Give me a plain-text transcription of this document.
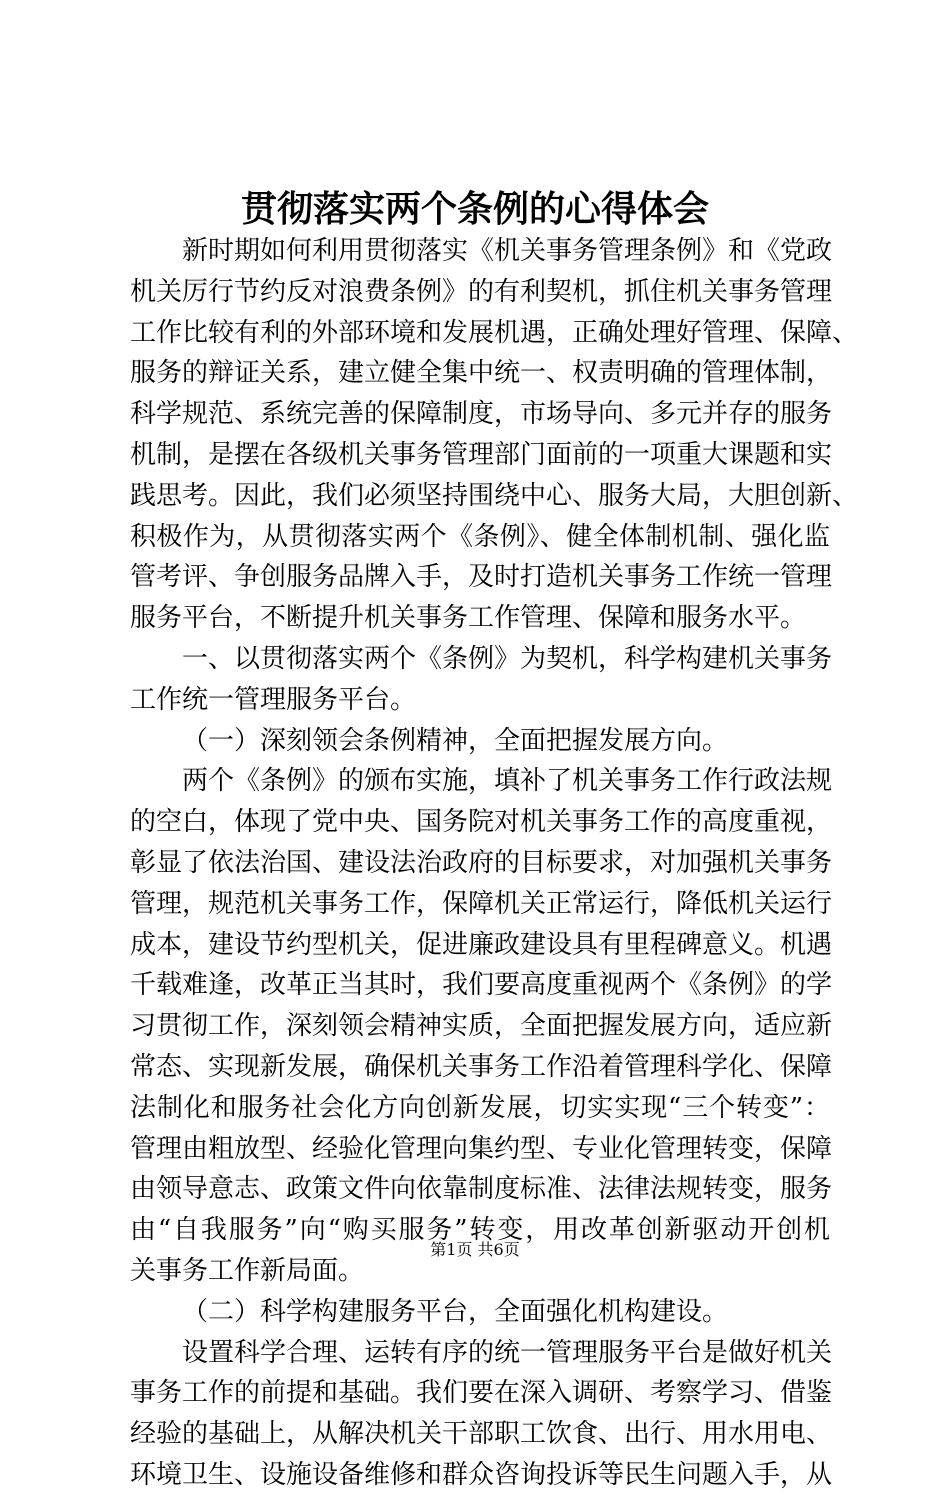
贯彻落实两个条例的心得体会
新时期如何利用贯彻落实《机关事务管理条例》和《党政
机关厉行节约反对浪费条例》的有利契机，抓住机关事务管理
工作比较有利的外部环境和发展机遇，正确处理好管理、保障、
服务的辩证关系，建立健全集中统一、权责明确的管理体制，
科学规范、系统完善的保障制度，市场导向、多元并存的服务
机制，是摆在各级机关事务管理部门面前的一项重大课题和实
践思考。因此，我们必须坚持围绕中心、服务大局，大胆创新、
积极作为，从贯彻落实两个《条例》、健全体制机制、强化监
管考评、争创服务品牌入手，及时打造机关事务工作统一管理
服务平台，不断提升机关事务工作管理、保障和服务水平。
一、以贯彻落实两个《条例》为契机，科学构建机关事务
工作统一管理服务平台。
（一）深刻领会条例精神，全面把握发展方向。
两个《条例》的颁布实施，填补了机关事务工作行政法规
的空白，体现了党中央、国务院对机关事务工作的高度重视，
彰显了依法治国、建设法治政府的目标要求，对加强机关事务
管理，规范机关事务工作，保障机关正常运行，降低机关运行
成本，建设节约型机关，促进廉政建设具有里程碑意义。机遇
千载难逢，改革正当其时，我们要高度重视两个《条例》的学
习贯彻工作，深刻领会精神实质，全面把握发展方向，适应新
常态、实现新发展，确保机关事务工作沿着管理科学化、保障
法制化和服务社会化方向创新发展，切实实现“三个转变”：
管理由粗放型、经验化管理向集约型、专业化管理转变，保障
由领导意志、政策文件向依靠制度标准、法律法规转变，服务
由“自我服务”向“购买服务”转变，用改革创新驱动开创机
关事务工作新局面。
（二）科学构建服务平台，全面强化机构建设。
设置科学合理、运转有序的统一管理服务平台是做好机关
事务工作的前提和基础。我们要在深入调研、考察学习、借鉴
经验的基础上，从解决机关干部职工饮食、出行、用水用电、
环境卫生、设施设备维修和群众咨询投诉等民生问题入手，从
第1页 共6页
